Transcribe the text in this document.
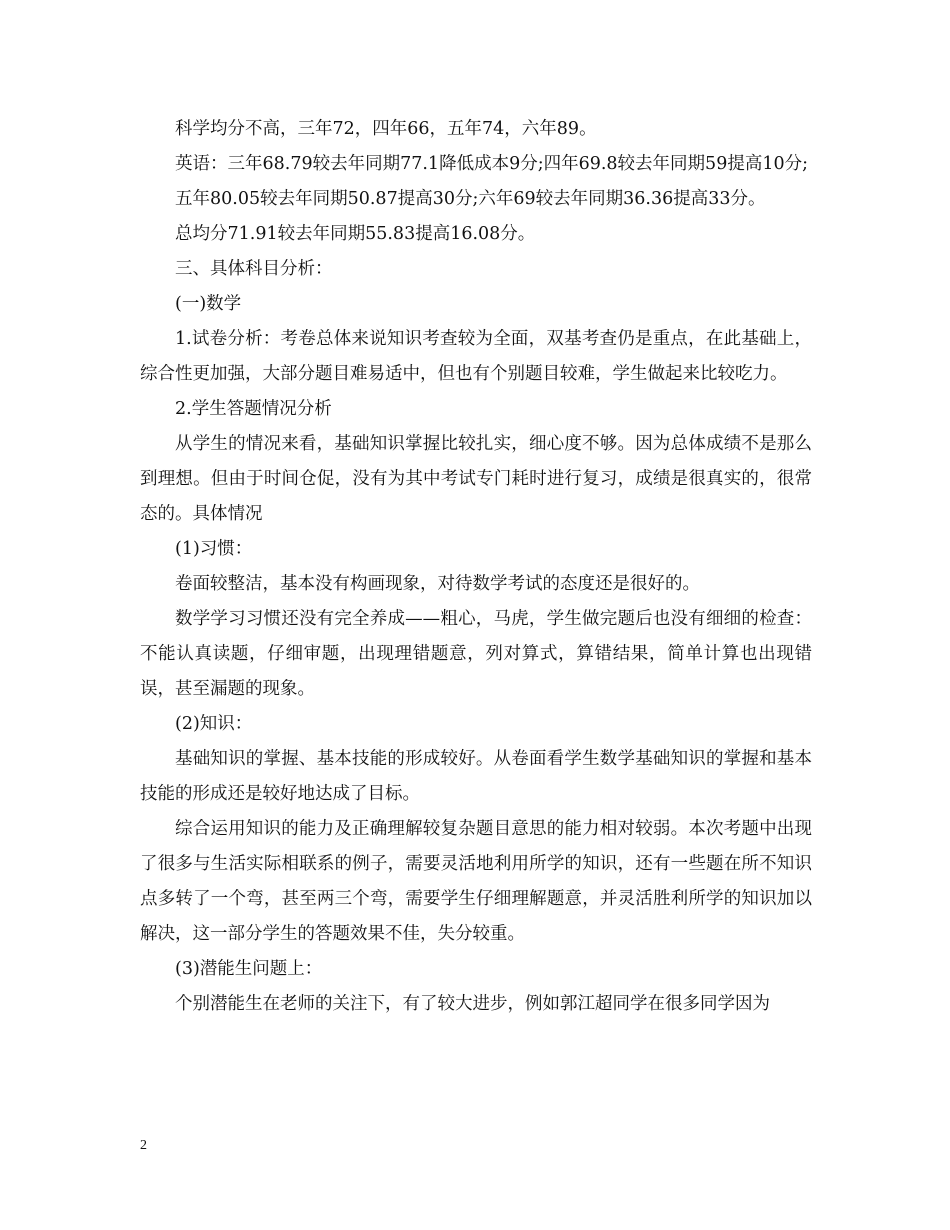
科学均分不高，三年72，四年66，五年74，六年89。

英语：三年68.79较去年同期77.1降低成本9分;四年69.8较去年同期59提高10分;

五年80.05较去年同期50.87提高30分;六年69较去年同期36.36提高33分。

总均分71.91较去年同期55.83提高16.08分。

三、具体科目分析：

(一)数学

1.试卷分析：考卷总体来说知识考查较为全面，双基考查仍是重点，在此基础上，综合性更加强，大部分题目难易适中，但也有个别题目较难，学生做起来比较吃力。

2.学生答题情况分析

从学生的情况来看，基础知识掌握比较扎实，细心度不够。因为总体成绩不是那么到理想。但由于时间仓促，没有为其中考试专门耗时进行复习，成绩是很真实的，很常态的。具体情况

(1)习惯：

卷面较整洁，基本没有构画现象，对待数学考试的态度还是很好的。

数学学习习惯还没有完全养成——粗心，马虎，学生做完题后也没有细细的检查：不能认真读题，仔细审题，出现理错题意，列对算式，算错结果，简单计算也出现错误，甚至漏题的现象。

(2)知识：

基础知识的掌握、基本技能的形成较好。从卷面看学生数学基础知识的掌握和基本技能的形成还是较好地达成了目标。

综合运用知识的能力及正确理解较复杂题目意思的能力相对较弱。本次考题中出现了很多与生活实际相联系的例子，需要灵活地利用所学的知识，还有一些题在所不知识点多转了一个弯，甚至两三个弯，需要学生仔细理解题意，并灵活胜利所学的知识加以解决，这一部分学生的答题效果不佳，失分较重。

(3)潜能生问题上：

个别潜能生在老师的关注下，有了较大进步，例如郭江超同学在很多同学因为

2
